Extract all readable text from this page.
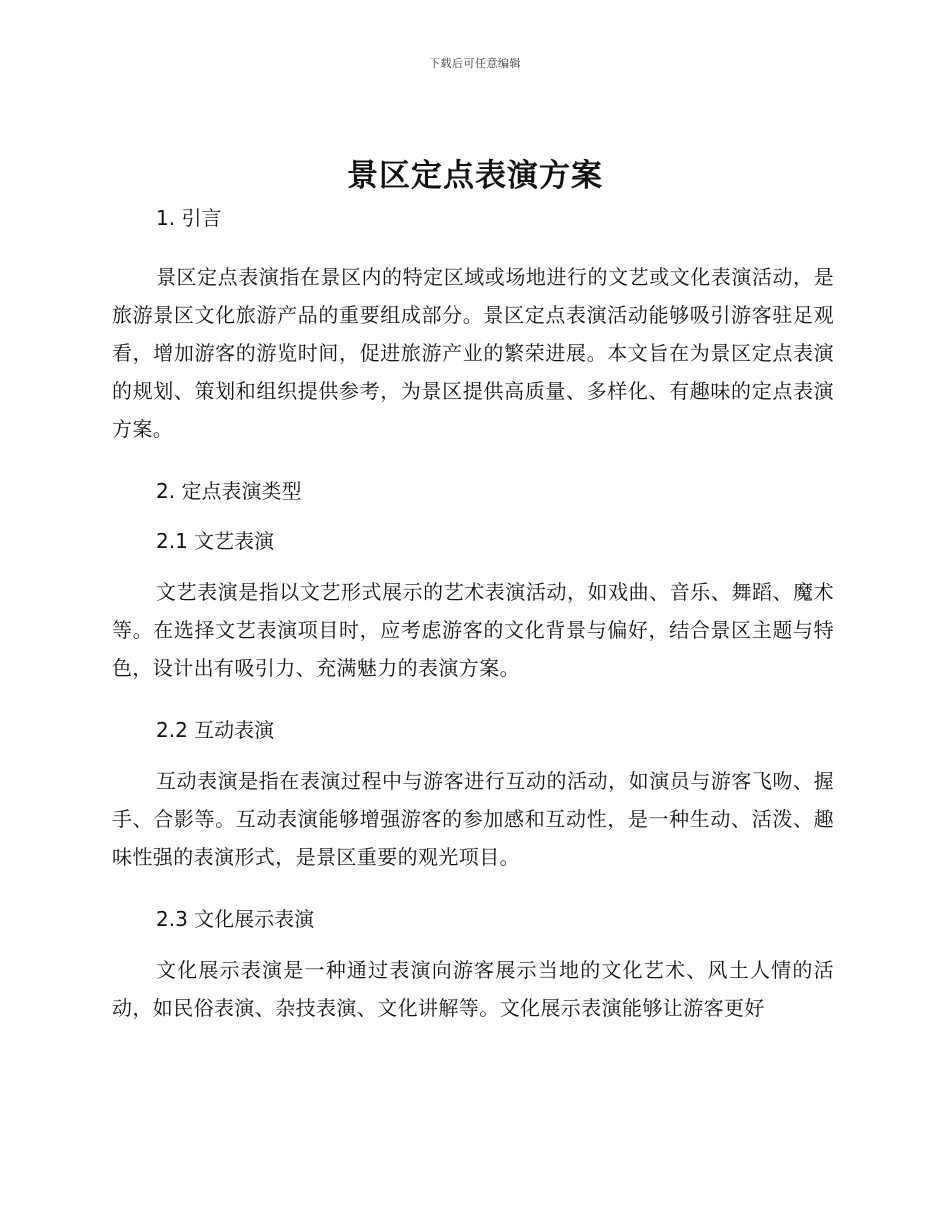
下载后可任意编辑
景区定点表演方案
1. 引言

景区定点表演指在景区内的特定区域或场地进行的文艺或文化表演活动，是旅游景区文化旅游产品的重要组成部分。景区定点表演活动能够吸引游客驻足观看，增加游客的游览时间，促进旅游产业的繁荣进展。本文旨在为景区定点表演的规划、策划和组织提供参考，为景区提供高质量、多样化、有趣味的定点表演方案。

2. 定点表演类型
2.1 文艺表演

文艺表演是指以文艺形式展示的艺术表演活动，如戏曲、音乐、舞蹈、魔术等。在选择文艺表演项目时，应考虑游客的文化背景与偏好，结合景区主题与特色，设计出有吸引力、充满魅力的表演方案。

2.2 互动表演

互动表演是指在表演过程中与游客进行互动的活动，如演员与游客飞吻、握手、合影等。互动表演能够增强游客的参加感和互动性，是一种生动、活泼、趣味性强的表演形式，是景区重要的观光项目。

2.3 文化展示表演

文化展示表演是一种通过表演向游客展示当地的文化艺术、风土人情的活动，如民俗表演、杂技表演、文化讲解等。文化展示表演能够让游客更好
